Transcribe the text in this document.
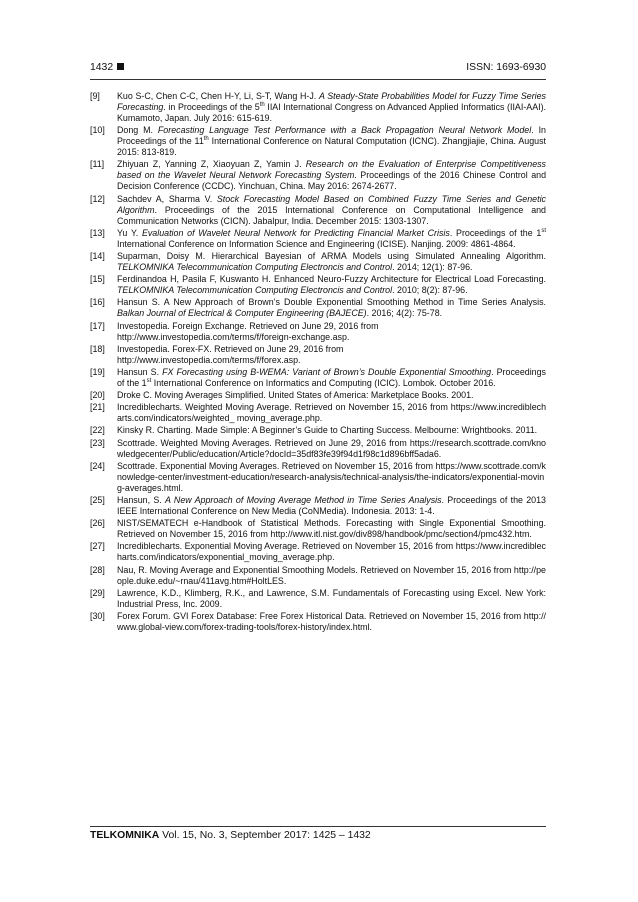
1432	ISSN: 1693-6930
[9] Kuo S-C, Chen C-C, Chen H-Y, Li, S-T, Wang H-J. A Steady-State Probabilities Model for Fuzzy Time Series Forecasting. in Proceedings of the 5th IIAI International Congress on Advanced Applied Informatics (IIAI-AAI). Kumamoto, Japan. July 2016: 615-619.
[10] Dong M. Forecasting Language Test Performance with a Back Propagation Neural Network Model. In Proceedings of the 11th International Conference on Natural Computation (ICNC). Zhangjiajie, China. August 2015: 813-819.
[11] Zhiyuan Z, Yanning Z, Xiaoyuan Z, Yamin J. Research on the Evaluation of Enterprise Competitiveness based on the Wavelet Neural Network Forecasting System. Proceedings of the 2016 Chinese Control and Decision Conference (CCDC). Yinchuan, China. May 2016: 2674-2677.
[12] Sachdev A, Sharma V. Stock Forecasting Model Based on Combined Fuzzy Time Series and Genetic Algorithm. Proceedings of the 2015 International Conference on Computational Intelligence and Communication Networks (CICN). Jabalpur, India. December 2015: 1303-1307.
[13] Yu Y. Evaluation of Wavelet Neural Network for Predicting Financial Market Crisis. Proceedings of the 1st International Conference on Information Science and Engineering (ICISE). Nanjing. 2009: 4861-4864.
[14] Suparman, Doisy M. Hierarchical Bayesian of ARMA Models using Simulated Annealing Algorithm. TELKOMNIKA Telecommunication Computing Electroncis and Control. 2014; 12(1): 87-96.
[15] Ferdinandoa H, Pasila F, Kuswanto H. Enhanced Neuro-Fuzzy Architecture for Electrical Load Forecasting. TELKOMNIKA Telecommunication Computing Electroncis and Control. 2010; 8(2): 87-96.
[16] Hansun S. A New Approach of Brown’s Double Exponential Smoothing Method in Time Series Analysis. Balkan Journal of Electrical & Computer Engineering (BAJECE). 2016; 4(2): 75-78.
[17] Investopedia. Foreign Exchange. Retrieved on June 29, 2016 from
http://www.investopedia.com/terms/f/foreign-exchange.asp.
[18] Investopedia. Forex-FX. Retrieved on June 29, 2016 from
http://www.investopedia.com/terms/f/forex.asp.
[19] Hansun S. FX Forecasting using B-WEMA: Variant of Brown’s Double Exponential Smoothing. Proceedings of the 1st International Conference on Informatics and Computing (ICIC). Lombok. October 2016.
[20] Droke C. Moving Averages Simplified. United States of America: Marketplace Books. 2001.
[21] Incrediblecharts. Weighted Moving Average. Retrieved on November 15, 2016 from https://www.incrediblecharts.com/indicators/weighted_ moving_average.php.
[22] Kinsky R. Charting. Made Simple: A Beginner’s Guide to Charting Success. Melbourne: Wrightbooks. 2011.
[23] Scottrade. Weighted Moving Averages. Retrieved on June 29, 2016 from https://research.scottrade.com/knowledgecenter/Public/education/Article?docId=35df83fe39f94d1f98c1d896bff5ada6.
[24] Scottrade. Exponential Moving Averages. Retrieved on November 15, 2016 from https://www.scottrade.com/knowledge-center/investment-education/research-analysis/technical-analysis/the-indicators/exponential-moving-averages.html.
[25] Hansun, S. A New Approach of Moving Average Method in Time Series Analysis. Proceedings of the 2013 IEEE International Conference on New Media (CoNMedia). Indonesia. 2013: 1-4.
[26] NIST/SEMATECH e-Handbook of Statistical Methods. Forecasting with Single Exponential Smoothing. Retrieved on November 15, 2016 from http://www.itl.nist.gov/div898/handbook/pmc/section4/pmc432.htm.
[27] Incrediblecharts. Exponential Moving Average. Retrieved on November 15, 2016 from https://www.incrediblecharts.com/indicators/exponential_moving_average.php.
[28] Nau, R. Moving Average and Exponential Smoothing Models. Retrieved on November 15, 2016 from http://people.duke.edu/~rnau/411avg.htm#HoltLES.
[29] Lawrence, K.D., Klimberg, R.K., and Lawrence, S.M. Fundamentals of Forecasting using Excel. New York: Industrial Press, Inc. 2009.
[30] Forex Forum. GVI Forex Database: Free Forex Historical Data. Retrieved on November 15, 2016 from http://www.global-view.com/forex-trading-tools/forex-history/index.html.
TELKOMNIKA Vol. 15, No. 3, September 2017: 1425 – 1432
